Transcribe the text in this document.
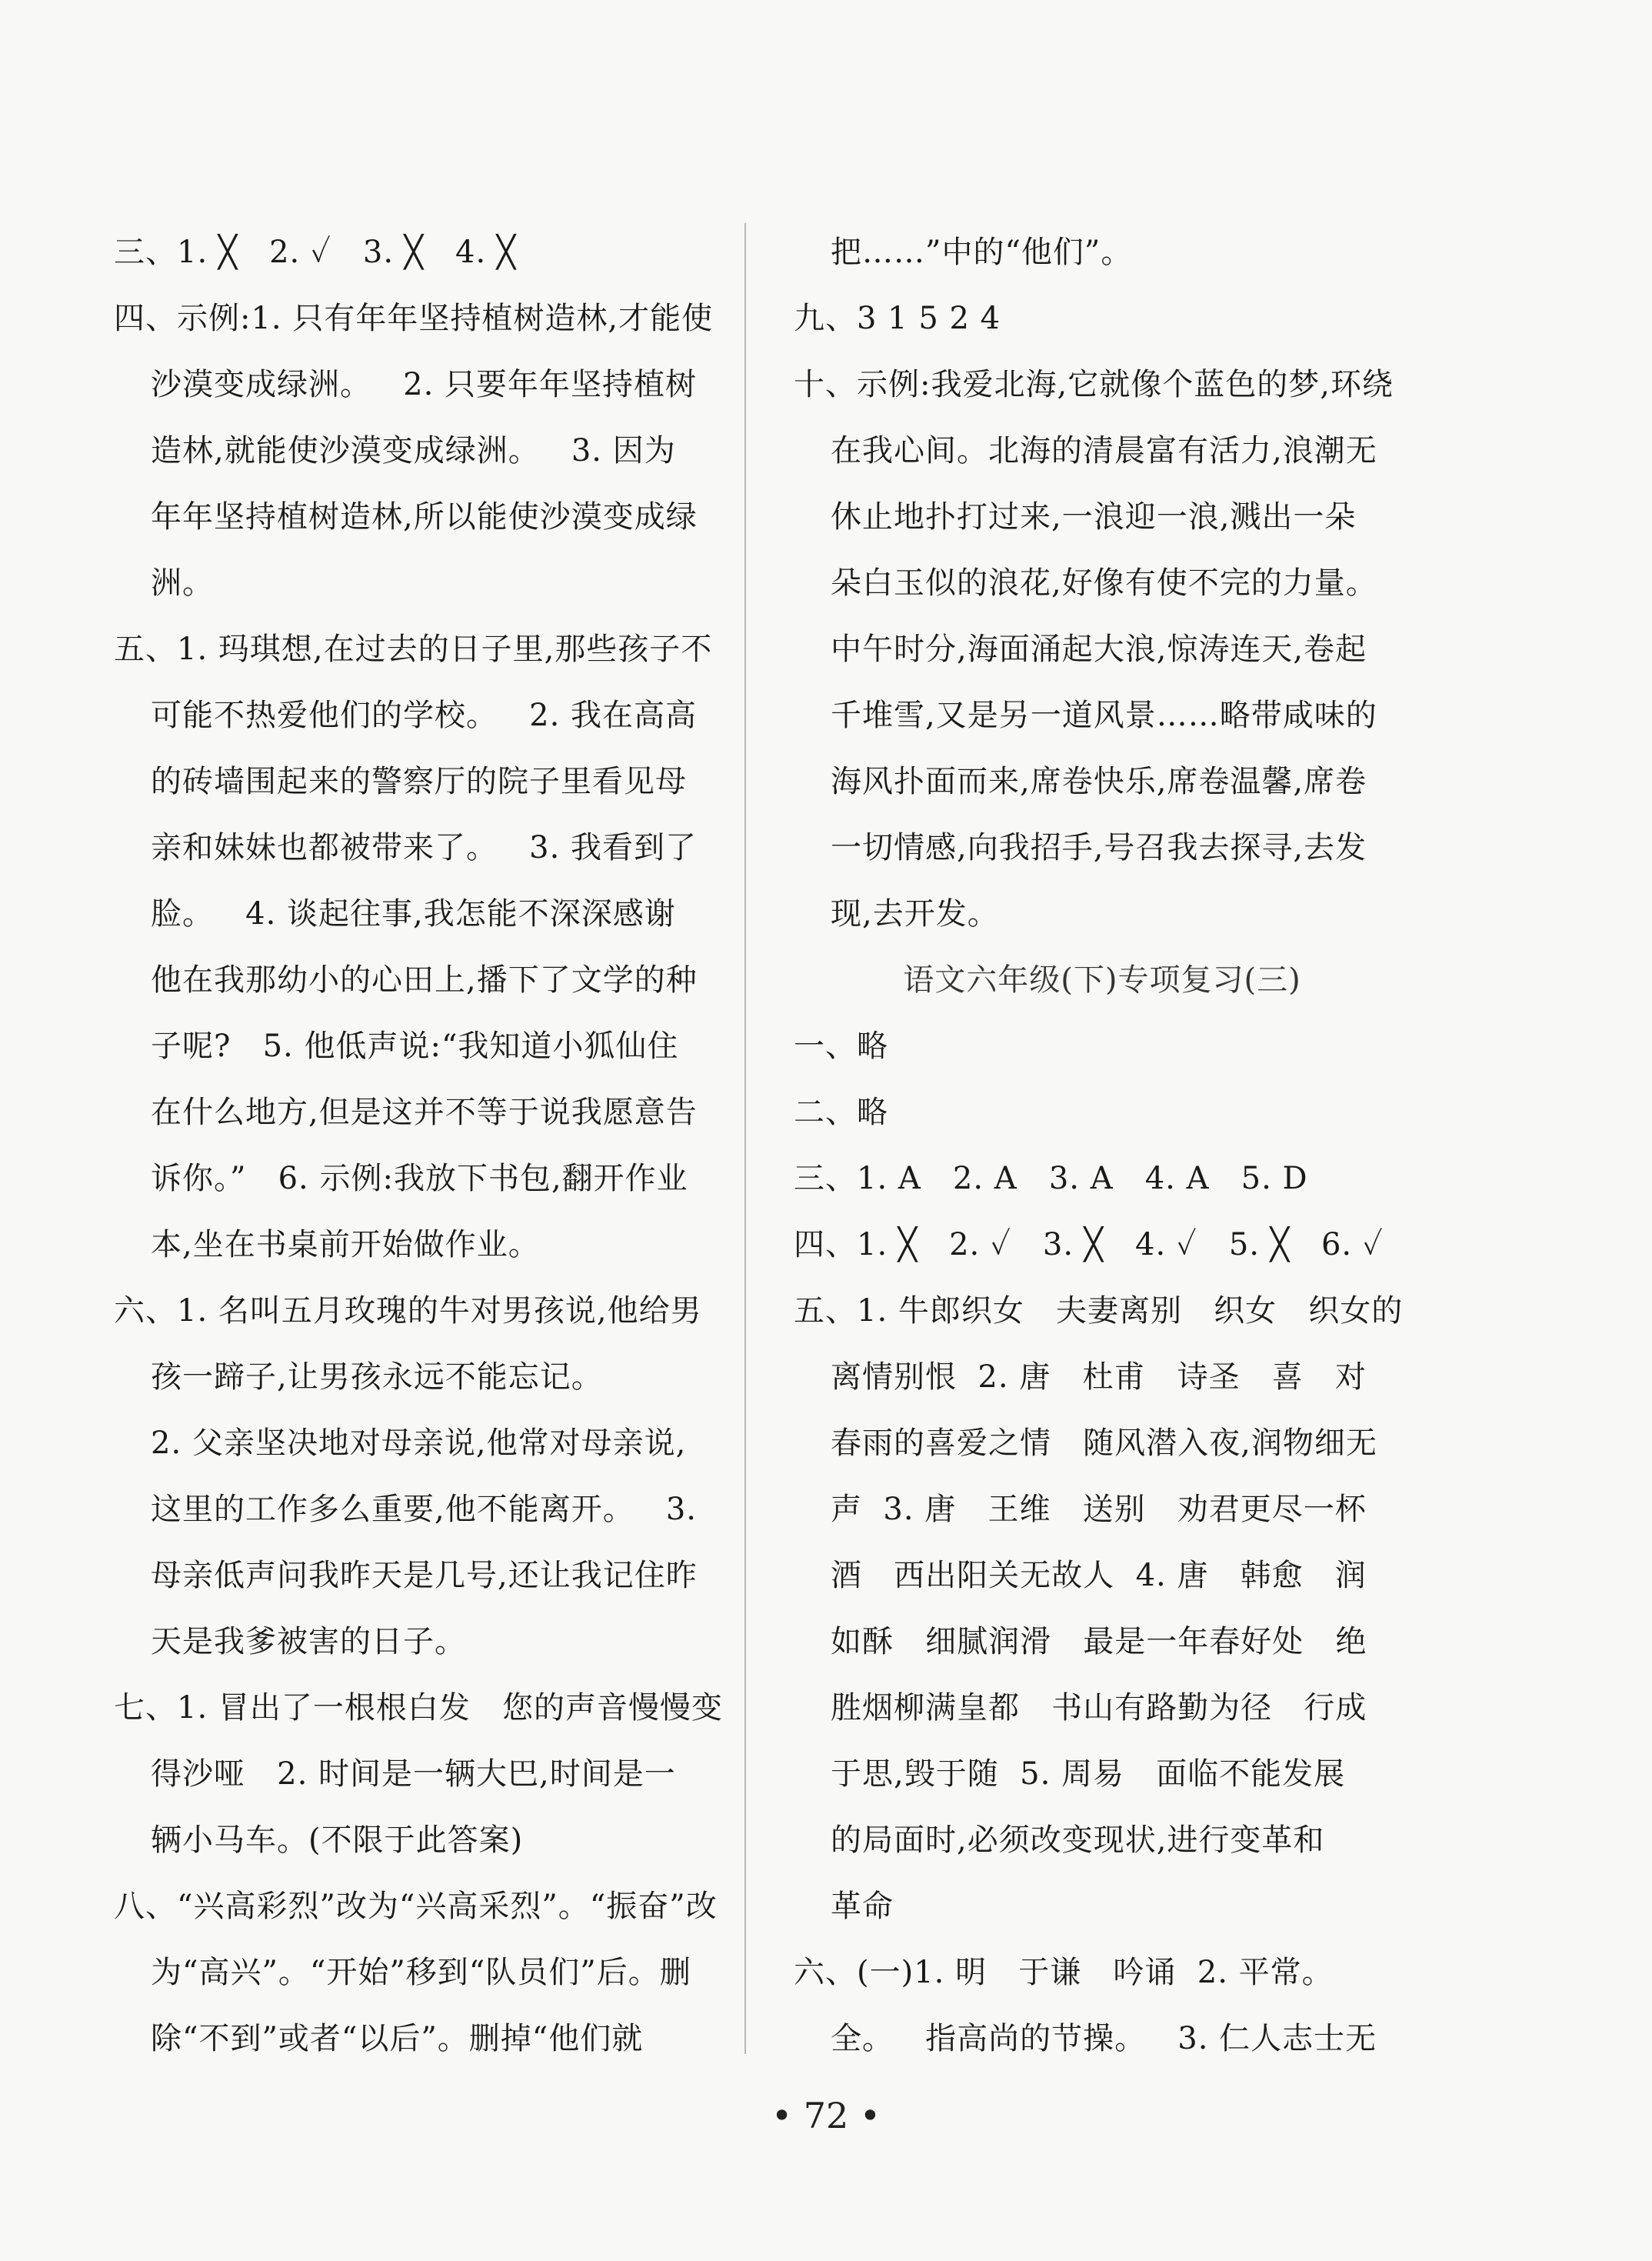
三、1. ╳   2. ✓   3. ╳   4. ╳
四、示例:1. 只有年年坚持植树造林,才能使
沙漠变成绿洲。   2. 只要年年坚持植树
造林,就能使沙漠变成绿洲。   3. 因为
年年坚持植树造林,所以能使沙漠变成绿
洲。
五、1. 玛琪想,在过去的日子里,那些孩子不
可能不热爱他们的学校。   2. 我在高高
的砖墙围起来的警察厅的院子里看见母
亲和妹妹也都被带来了。   3. 我看到了
脸。   4. 谈起往事,我怎能不深深感谢
他在我那幼小的心田上,播下了文学的种
子呢?   5. 他低声说:“我知道小狐仙住
在什么地方,但是这并不等于说我愿意告
诉你。”   6. 示例:我放下书包,翻开作业
本,坐在书桌前开始做作业。
六、1. 名叫五月玫瑰的牛对男孩说,他给男
孩一蹄子,让男孩永远不能忘记。
2. 父亲坚决地对母亲说,他常对母亲说,
这里的工作多么重要,他不能离开。   3.
母亲低声问我昨天是几号,还让我记住昨
天是我爹被害的日子。
七、1. 冒出了一根根白发   您的声音慢慢变
得沙哑   2. 时间是一辆大巴,时间是一
辆小马车。(不限于此答案)
八、“兴高彩烈”改为“兴高采烈”。“振奋”改
为“高兴”。“开始”移到“队员们”后。删
除“不到”或者“以后”。删掉“他们就
把……”中的“他们”。
九、3 1 5 2 4
十、示例:我爱北海,它就像个蓝色的梦,环绕
在我心间。北海的清晨富有活力,浪潮无
休止地扑打过来,一浪迎一浪,溅出一朵
朵白玉似的浪花,好像有使不完的力量。
中午时分,海面涌起大浪,惊涛连天,卷起
千堆雪,又是另一道风景……略带咸味的
海风扑面而来,席卷快乐,席卷温馨,席卷
一切情感,向我招手,号召我去探寻,去发
现,去开发。
语文六年级(下)专项复习(三)
一、略
二、略
三、1. A   2. A   3. A   4. A   5. D
四、1. ╳   2. ✓   3. ╳   4. ✓   5. ╳   6. ✓
五、1. 牛郎织女   夫妻离别   织女   织女的
离情别恨  2. 唐   杜甫   诗圣   喜   对
春雨的喜爱之情   随风潜入夜,润物细无
声  3. 唐   王维   送别   劝君更尽一杯
酒   西出阳关无故人  4. 唐   韩愈   润
如酥   细腻润滑   最是一年春好处   绝
胜烟柳满皇都   书山有路勤为径   行成
于思,毁于随  5. 周易   面临不能发展
的局面时,必须改变现状,进行变革和
革命
六、(一)1. 明   于谦   吟诵  2. 平常。
全。   指高尚的节操。   3. 仁人志士无
• 72 •
